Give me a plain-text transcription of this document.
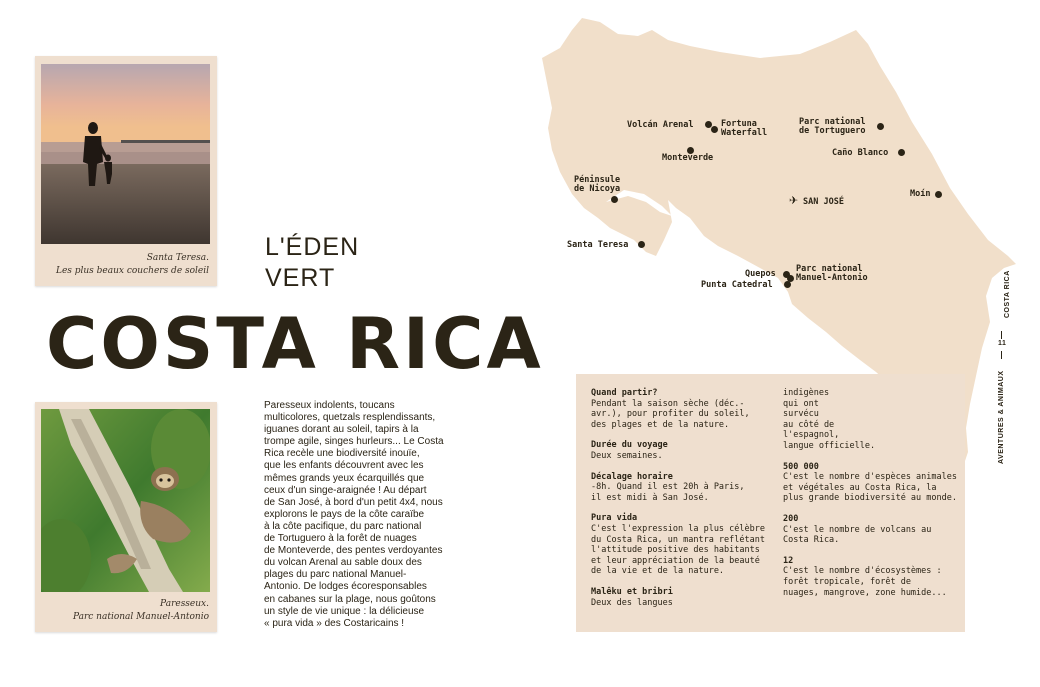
Volcán Arenal	Fortuna
Waterfall
Parc national
de Tortuguero
Monteverde	Caño Blanco
Péninsule
de Nicoya
✈ SAN JOSÉ
Moín
Santa Teresa
Quepos Parc national
Manuel-Antonio
Punta Catedral
Santa Teresa.
Les plus beaux couchers de soleil
Paresseux.
Parc national Manuel-Antonio
L'ÉDEN
VERT
COSTA RICA
Paresseux indolents, toucans
multicolores, quetzals resplendissants,
iguanes dorant au soleil, tapirs à la
trompe agile, singes hurleurs... Le Costa
Rica recèle une biodiversité inouïe,
que les enfants découvrent avec les
mêmes grands yeux écarquillés que
ceux d'un singe-araignée ! Au départ
de San José, à bord d'un petit 4x4, nous
explorons le pays de la côte caraïbe
à la côte pacifique, du parc national
de Tortuguero à la forêt de nuages
de Monteverde, des pentes verdoyantes
du volcan Arenal au sable doux des
plages du parc national Manuel-
Antonio. De lodges écoresponsables
en cabanes sur la plage, nous goûtons
un style de vie unique : la délicieuse
« pura vida » des Costaricains !
Quand partir?
Pendant la saison sèche (déc.-
avr.), pour profiter du soleil,
des plages et de la nature.
Durée du voyage
Deux semaines.
Décalage horaire
-8h. Quand il est 20h à Paris,
il est midi à San José.
Pura vida
C'est l'expression la plus célèbre
du Costa Rica, un mantra reflétant
l'attitude positive des habitants
et leur appréciation de la beauté
de la vie et de la nature.
Malêku et bribri
Deux des langues
indigènes
qui ont
survécu
au côté de
l'espagnol,
langue officielle.
500 000
C'est le nombre d'espèces animales
et végétales au Costa Rica, la
plus grande biodiversité au monde.
200
C'est le nombre de volcans au
Costa Rica.
12
C'est le nombre d'écosystèmes :
forêt tropicale, forêt de
nuages, mangrove, zone humide...
COSTA RICA
11
AVENTURES & ANIMAUX
